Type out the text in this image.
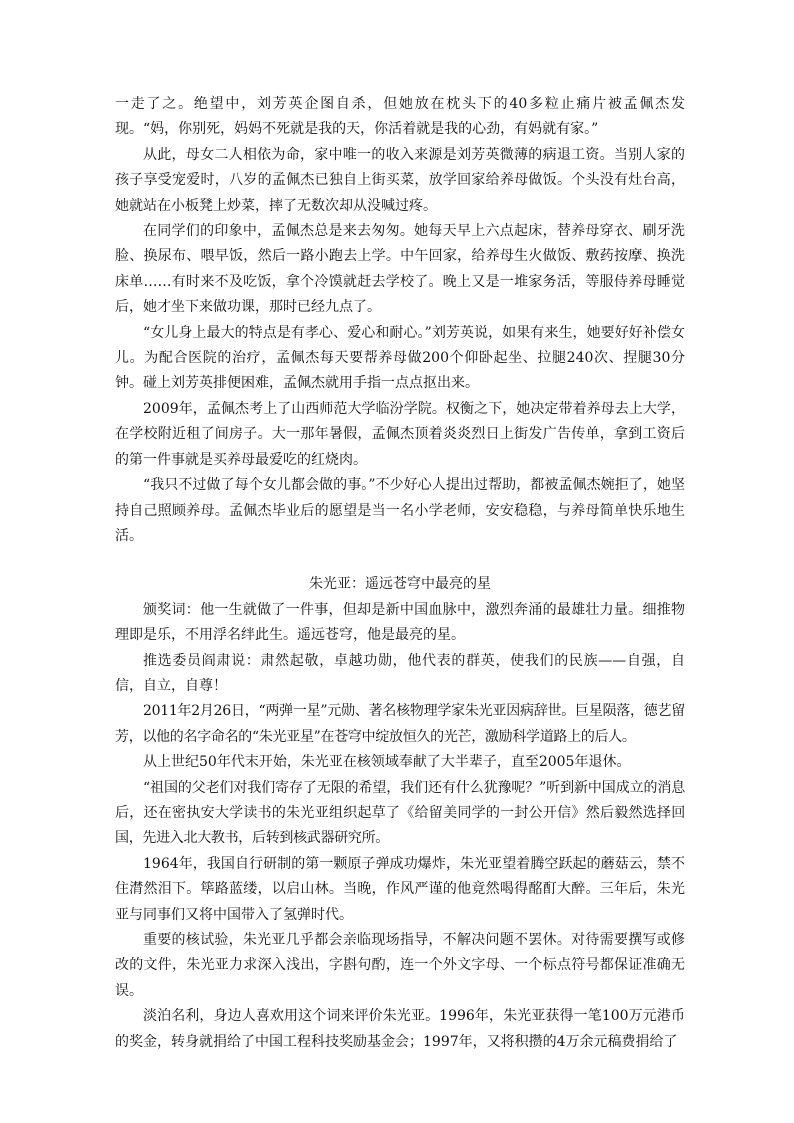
一走了之。绝望中，刘芳英企图自杀，但她放在枕头下的40多粒止痛片被孟佩杰发现。“妈，你别死，妈妈不死就是我的天，你活着就是我的心劲，有妈就有家。”

从此，母女二人相依为命，家中唯一的收入来源是刘芳英微薄的病退工资。当别人家的孩子享受宠爱时，八岁的孟佩杰已独自上街买菜，放学回家给养母做饭。个头没有灶台高，她就站在小板凳上炒菜，摔了无数次却从没喊过疼。

在同学们的印象中，孟佩杰总是来去匆匆。她每天早上六点起床，替养母穿衣、刷牙洗脸、换尿布、喂早饭，然后一路小跑去上学。中午回家，给养母生火做饭、敷药按摩、换洗床单……有时来不及吃饭，拿个冷馍就赶去学校了。晚上又是一堆家务活，等服侍养母睡觉后，她才坐下来做功课，那时已经九点了。

“女儿身上最大的特点是有孝心、爱心和耐心。”刘芳英说，如果有来生，她要好好补偿女儿。为配合医院的治疗，孟佩杰每天要帮养母做200个仰卧起坐、拉腿240次、捏腿30分钟。碰上刘芳英排便困难，孟佩杰就用手指一点点抠出来。

2009年，孟佩杰考上了山西师范大学临汾学院。权衡之下，她决定带着养母去上大学，在学校附近租了间房子。大一那年暑假，孟佩杰顶着炎炎烈日上街发广告传单，拿到工资后的第一件事就是买养母最爱吃的红烧肉。

“我只不过做了每个女儿都会做的事。”不少好心人提出过帮助，都被孟佩杰婉拒了，她坚持自己照顾养母。孟佩杰毕业后的愿望是当一名小学老师，安安稳稳，与养母简单快乐地生活。

朱光亚：遥远苍穹中最亮的星

颁奖词：他一生就做了一件事，但却是新中国血脉中，激烈奔涌的最雄壮力量。细推物理即是乐，不用浮名绊此生。遥远苍穹，他是最亮的星。

推选委员阎肃说：肃然起敬，卓越功勋，他代表的群英，使我们的民族——自强，自信，自立，自尊！

2011年2月26日，“两弹一星”元勋、著名核物理学家朱光亚因病辞世。巨星陨落，德艺留芳，以他的名字命名的“朱光亚星”在苍穹中绽放恒久的光芒，激励科学道路上的后人。

从上世纪50年代末开始，朱光亚在核领域奉献了大半辈子，直至2005年退休。

“祖国的父老们对我们寄存了无限的希望，我们还有什么犹豫呢？”听到新中国成立的消息后，还在密执安大学读书的朱光亚组织起草了《给留美同学的一封公开信》然后毅然选择回国，先进入北大教书，后转到核武器研究所。

1964年，我国自行研制的第一颗原子弹成功爆炸，朱光亚望着腾空跃起的蘑菇云，禁不住潸然泪下。筚路蓝缕，以启山林。当晚，作风严谨的他竟然喝得酩酊大醉。三年后，朱光亚与同事们又将中国带入了氢弹时代。

重要的核试验，朱光亚几乎都会亲临现场指导，不解决问题不罢休。对待需要撰写或修改的文件，朱光亚力求深入浅出，字斟句酌，连一个外文字母、一个标点符号都保证准确无误。

淡泊名利，身边人喜欢用这个词来评价朱光亚。1996年，朱光亚获得一笔100万元港币的奖金，转身就捐给了中国工程科技奖励基金会；1997年，又将积攒的4万余元稿费捐给了
